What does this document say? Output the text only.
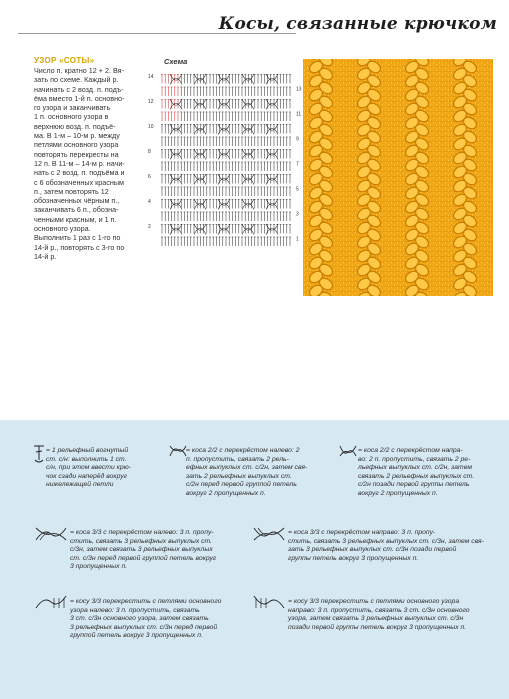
Косы, связанные крючком
УЗОР «СОТЫ»
Число п. кратно 12 + 2. Вя-
зать по схеме. Каждый р.
начинать с 2 возд. п. подъ-
ёма вместо 1-й п. основно-
го узора и заканчивать
1 п. основного узора в
верхнюю возд. п. подъё-
ма. В 1-м – 10-м р. между
петлями основного узора
повторять перекресты на
12 п. В 11-м – 14-м р. начи-
нать с 2 возд. п. подъёма и
с 6 обозначенных красным
п., затем повторять 12
обозначенных чёрным п.,
заканчивать 6 п., обозна-
ченными красным, и 1 п.
основного узора.
Выполнить 1 раз с 1-го по
14-й р., повторять с 3-го по
14-й р.
Схема
14
12
10
8
6
4
2
13
11
9
7
5
3
1
= 1 рельефный вогнутый
ст. с/н: выполнить 1 ст.
с/н, при этом ввести крю-
чок сзади наперёд вокруг
нижележащей петли
= коса 2/2 с перекрёстом налево: 2
п. пропустить, связать 2 рель-
ефных выпуклых ст. с/2н, затем свя-
зать 2 рельефных выпуклых ст.
с/2н перед первой группой петель
вокруг 2 пропущенных п.
= коса 2/2 с перекрёстом напра-
во: 2 п. пропустить, связать 2 ре-
льефных выпуклых ст. с/2н, затем
связать 2 рельефных выпуклых ст.
с/2н позади первой группы петель
вокруг 2 пропущенных п.
= коса 3/3 с перекрёстом налево: 3 п. пропу-
стить, связать 3 рельефных выпуклых ст.
с/3н, затем связать 3 рельефных выпуклых
ст. с/3н перед первой группой петель вокруг
3 пропущенных п.
= коса 3/3 с перекрёстом направо: 3 п. пропу-
стить, связать 3 рельефных выпуклых ст. с/3н, затем свя-
зать 3 рельефных выпуклых ст. с/3н позади первой
группы петель вокруг 3 пропущенных п.
= косу 3/3 перекрестить с петлями основного
узора налево: 3 п. пропустить, связать
3 ст. с/3н основного узора, затем связать
3 рельефных выпуклых ст. с/3н перед первой
группой петель вокруг 3 пропущенных п.
= косу 3/3 перекрестить с петлями основного узора
направо: 3 п. пропустить, связать 3 ст. с/3н основного
узора, затем связать 3 рельефных выпуклых ст. с/3н
позади первой группы петель вокруг 3 пропущенных п.
